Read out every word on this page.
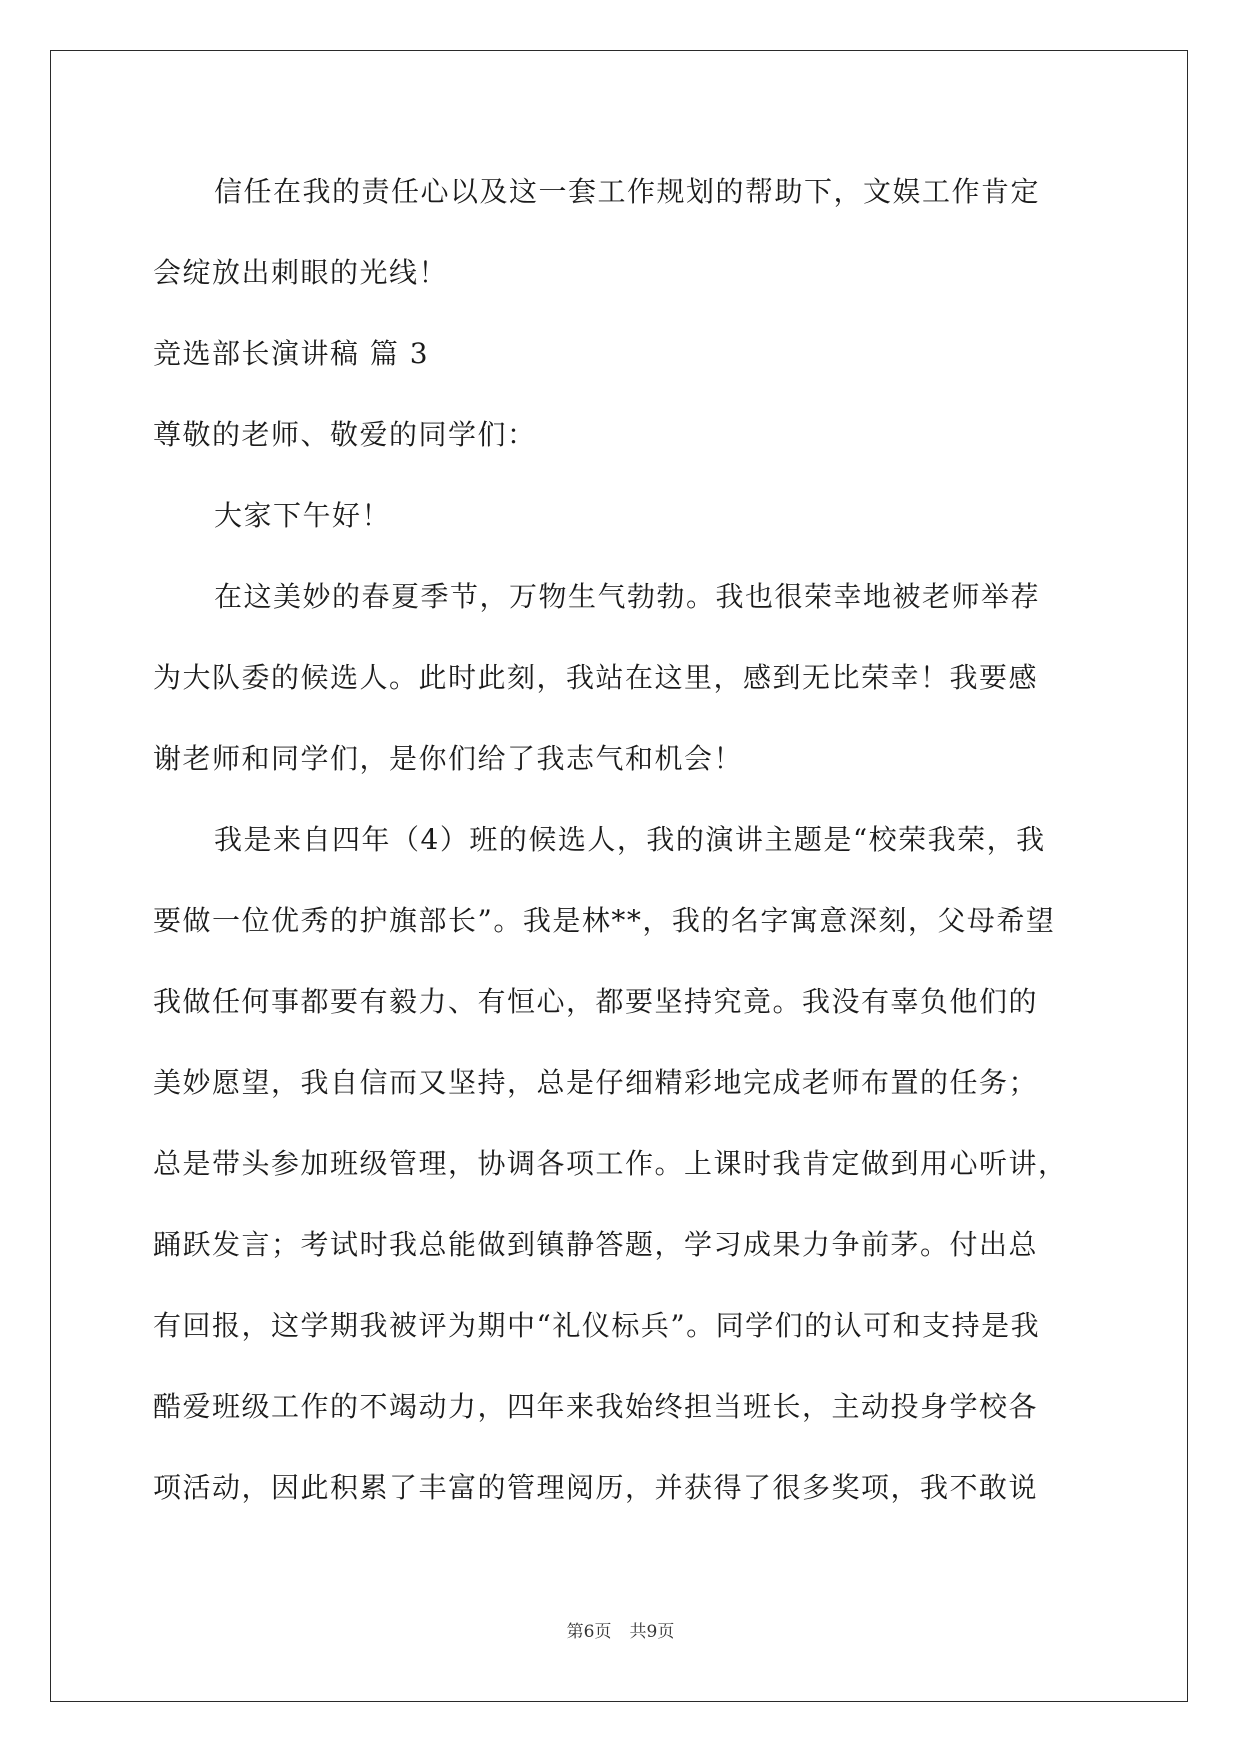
信任在我的责任心以及这一套工作规划的帮助下，文娱工作肯定
会绽放出刺眼的光线！
竞选部长演讲稿 篇 3
尊敬的老师、敬爱的同学们：
大家下午好！
在这美妙的春夏季节，万物生气勃勃。我也很荣幸地被老师举荐
为大队委的候选人。此时此刻，我站在这里，感到无比荣幸！我要感
谢老师和同学们，是你们给了我志气和机会！
我是来自四年（4）班的候选人，我的演讲主题是“校荣我荣，我
要做一位优秀的护旗部长”。我是林**，我的名字寓意深刻，父母希望
我做任何事都要有毅力、有恒心，都要坚持究竟。我没有辜负他们的
美妙愿望，我自信而又坚持，总是仔细精彩地完成老师布置的任务；
总是带头参加班级管理，协调各项工作。上课时我肯定做到用心听讲，
踊跃发言；考试时我总能做到镇静答题，学习成果力争前茅。付出总
有回报，这学期我被评为期中“礼仪标兵”。同学们的认可和支持是我
酷爱班级工作的不竭动力，四年来我始终担当班长，主动投身学校各
项活动，因此积累了丰富的管理阅历，并获得了很多奖项，我不敢说
第6页 共9页
